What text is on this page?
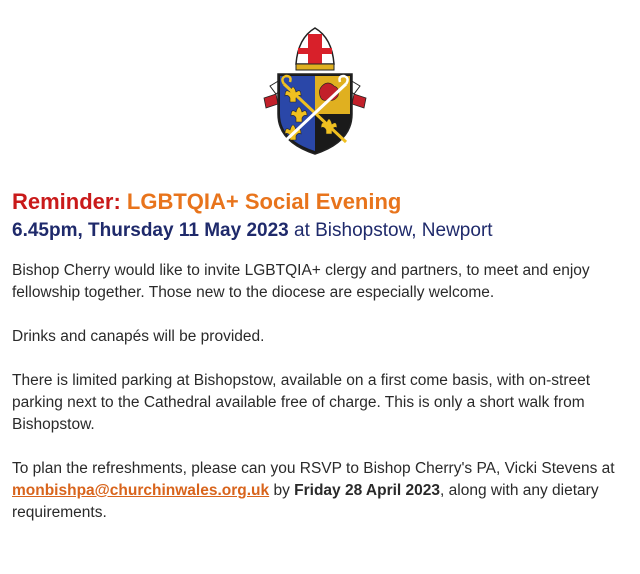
Reminder: LGBTQIA+ Social Evening

6.45pm, Thursday 11 May 2023 at Bishopstow, Newport

Bishop Cherry would like to invite LGBTQIA+ clergy and partners, to meet and enjoy fellowship together. Those new to the diocese are especially welcome.

Drinks and canapés will be provided.

There is limited parking at Bishopstow, available on a first come basis, with on-street parking next to the Cathedral available free of charge. This is only a short walk from Bishopstow.

To plan the refreshments, please can you RSVP to Bishop Cherry's PA, Vicki Stevens at monbishpa@churchinwales.org.uk by Friday 28 April 2023, along with any dietary requirements.
